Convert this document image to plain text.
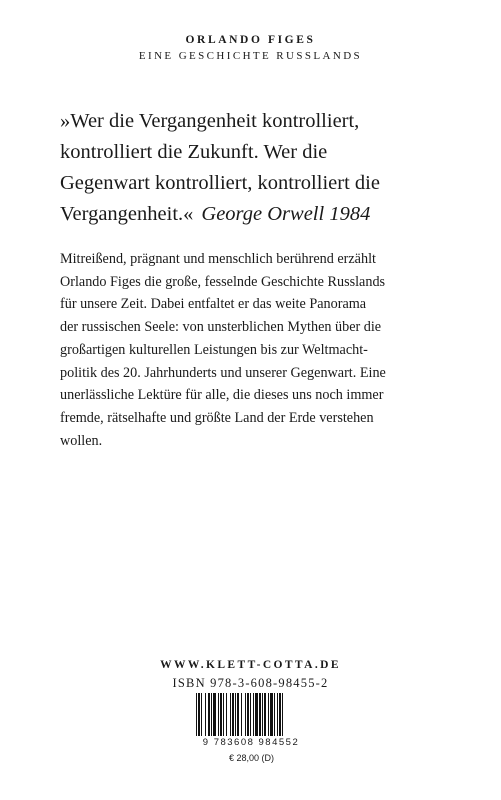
ORLANDO FIGES
EINE GESCHICHTE RUSSLANDS
»Wer die Vergangenheit kontrolliert,
kontrolliert die Zukunft. Wer die
Gegenwart kontrolliert, kontrolliert die
Vergangenheit.« George Orwell 1984
Mitreißend, prägnant und menschlich berührend erzählt
Orlando Figes die große, fesselnde Geschichte Russlands
für unsere Zeit. Dabei entfaltet er das weite Panorama
der russischen Seele: von unsterblichen Mythen über die
großartigen kulturellen Leistungen bis zur Weltmacht-
politik des 20. Jahrhunderts und unserer Gegenwart. Eine
unerlässliche Lektüre für alle, die dieses uns noch immer
fremde, rätselhafte und größte Land der Erde verstehen
wollen.
WWW.KLETT-COTTA.DE
ISBN 978-3-608-98455-2
9 783608 984552
€ 28,00 (D)
